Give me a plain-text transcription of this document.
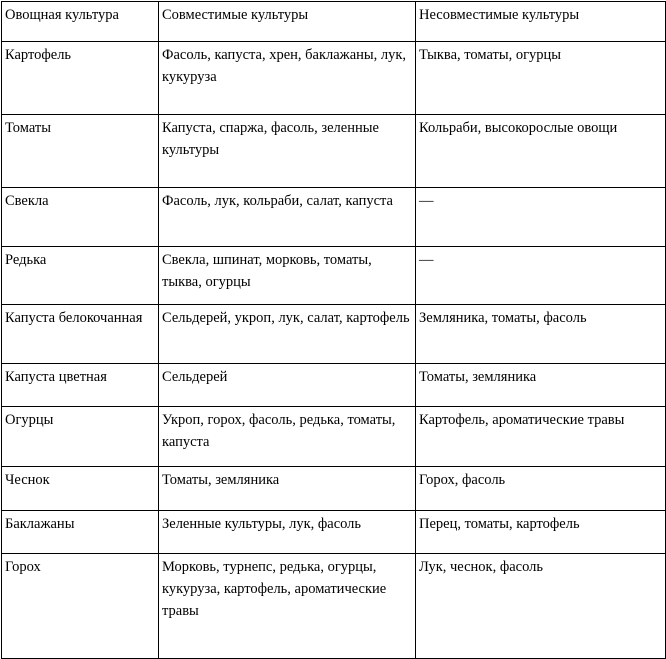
Овощная культура	Совместимые культуры	Несовместимые культуры
Картофель	Фасоль, капуста, хрен, баклажаны, лук, кукуруза	Тыква, томаты, огурцы
Томаты	Капуста, спаржа, фасоль, зеленные культуры	Кольраби, высокорослые овощи
Свекла	Фасоль, лук, кольраби, салат, капуста	—
Редька	Свекла, шпинат, морковь, томаты, тыква, огурцы	—
Капуста белокочанная	Сельдерей, укроп, лук, салат, картофель	Земляника, томаты, фасоль
Капуста цветная	Сельдерей	Томаты, земляника
Огурцы	Укроп, горох, фасоль, редька, томаты, капуста	Картофель, ароматические травы
Чеснок	Томаты, земляника	Горох, фасоль
Баклажаны	Зеленные культуры, лук, фасоль	Перец, томаты, картофель
Горох	Морковь, турнепс, редька, огурцы, кукуруза, картофель, ароматические травы	Лук, чеснок, фасоль
